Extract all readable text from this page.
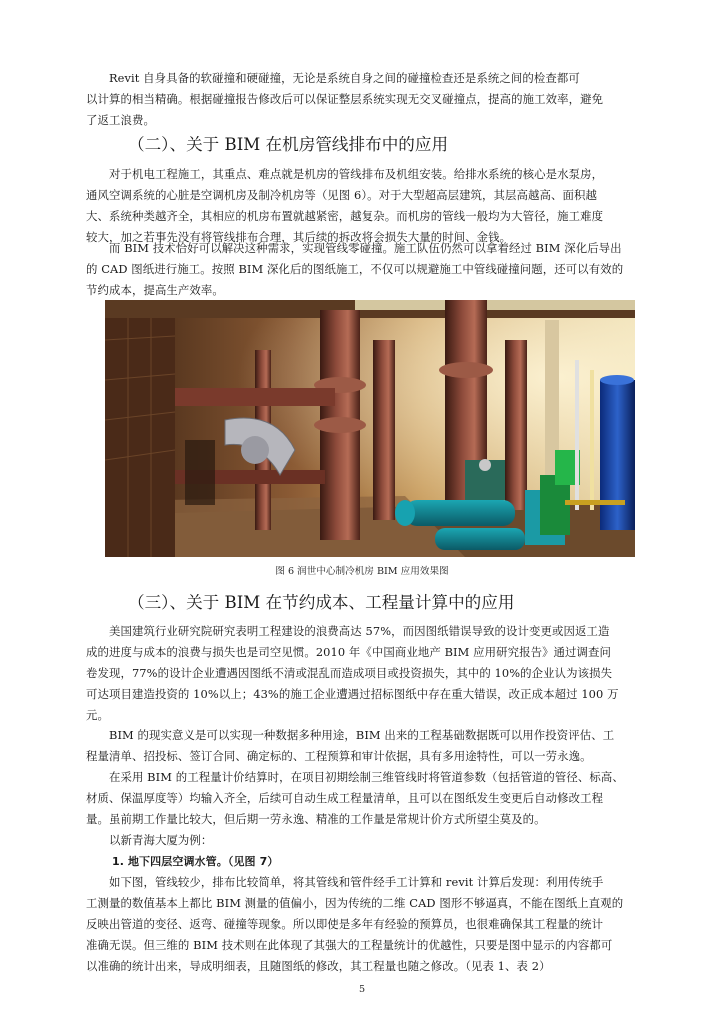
　　Revit 自身具备的软碰撞和硬碰撞，无论是系统自身之间的碰撞检查还是系统之间的检查都可
以计算的相当精确。根据碰撞报告修改后可以保证整层系统实现无交叉碰撞点，提高的施工效率，避免
了返工浪费。
（二）、关于 BIM 在机房管线排布中的应用
　　对于机电工程施工，其重点、难点就是机房的管线排布及机组安装。给排水系统的核心是水泵房，
通风空调系统的心脏是空调机房及制冷机房等（见图 6）。对于大型超高层建筑，其层高越高、面积越
大、系统种类越齐全，其相应的机房布置就越紧密，越复杂。而机房的管线一般均为大管径，施工难度
较大，加之若事先没有将管线排布合理，其后续的拆改将会损失大量的时间、金钱。
　　而 BIM 技术恰好可以解决这种需求，实现管线零碰撞。施工队伍仍然可以拿着经过 BIM 深化后导出
的 CAD 图纸进行施工。按照 BIM 深化后的图纸施工，不仅可以规避施工中管线碰撞问题，还可以有效的
节约成本，提高生产效率。
图 6 润世中心制冷机房 BIM 应用效果图
（三）、关于 BIM 在节约成本、工程量计算中的应用
　　美国建筑行业研究院研究表明工程建设的浪费高达 57%，而因图纸错误导致的设计变更或因返工造
成的进度与成本的浪费与损失也是司空见惯。2010 年《中国商业地产 BIM 应用研究报告》通过调查问
卷发现，77%的设计企业遭遇因图纸不清或混乱而造成项目或投资损失，其中的 10%的企业认为该损失
可达项目建造投资的 10%以上；43%的施工企业遭遇过招标图纸中存在重大错误，改正成本超过 100 万
元。
　　BIM 的现实意义是可以实现一种数据多种用途，BIM 出来的工程基础数据既可以用作投资评估、工
程量清单、招投标、签订合同、确定标的、工程预算和审计依据，具有多用途特性，可以一劳永逸。
　　在采用 BIM 的工程量计价结算时，在项目初期绘制三维管线时将管道参数（包括管道的管径、标高、
材质、保温厚度等）均输入齐全，后续可自动生成工程量清单，且可以在图纸发生变更后自动修改工程
量。虽前期工作量比较大，但后期一劳永逸、精准的工作量是常规计价方式所望尘莫及的。
　　以新青海大厦为例：
1. 地下四层空调水管。（见图 7）
　　如下图，管线较少，排布比较简单，将其管线和管件经手工计算和 revit 计算后发现：利用传统手
工测量的数值基本上都比 BIM 测量的值偏小，因为传统的二维 CAD 图形不够逼真，不能在图纸上直观的
反映出管道的变径、返弯、碰撞等现象。所以即使是多年有经验的预算员，也很难确保其工程量的统计
准确无误。但三维的 BIM 技术则在此体现了其强大的工程量统计的优越性，只要是图中显示的内容都可
以准确的统计出来，导成明细表，且随图纸的修改，其工程量也随之修改。（见表 1、表 2）
5
